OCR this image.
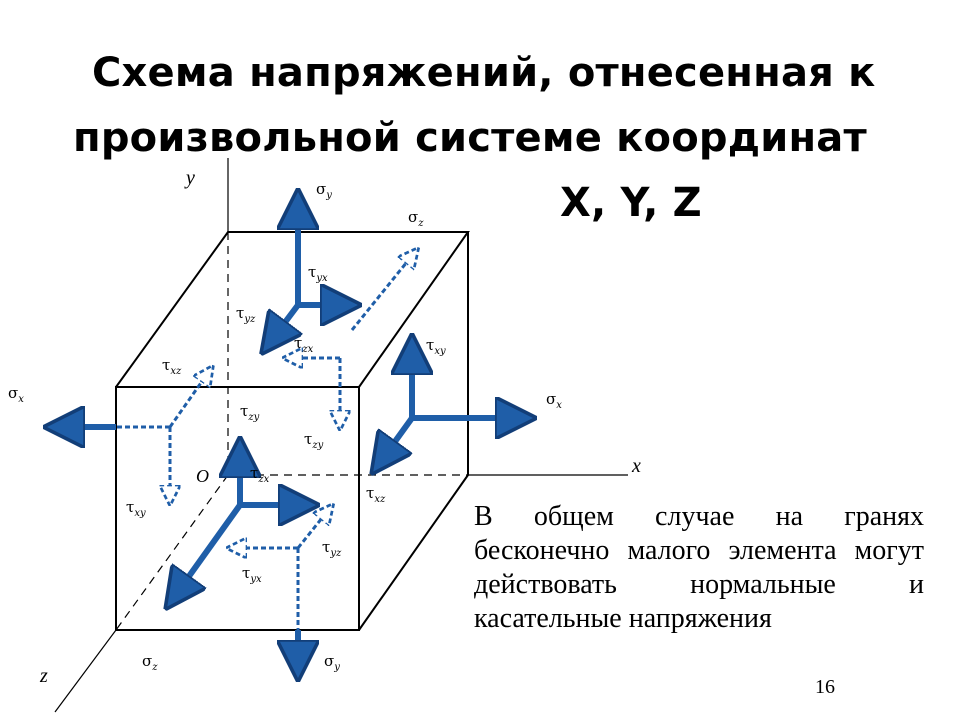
y
x
z
O
$\sigma_y$
$\sigma_z$
$\tau_{yx}$
$\tau_{yz}$
$\tau_{zx}$
$\tau_{xz}$
$\sigma_x$
$\tau_{zy}$
$\tau_{zx}$
$\tau_{xy}$
$\tau_{zy}$
$\tau_{xy}$
$\sigma_x$
$\tau_{xz}$
$\tau_{yz}$
$\tau_{yx}$
$\sigma_z$	$\sigma_y$
Схема напряжений, отнесенная к
произвольной системе координат
X, Y, Z
В общем случае на гранях бесконечно малого элемента могут действовать нормальные и касательные напряжения
16
